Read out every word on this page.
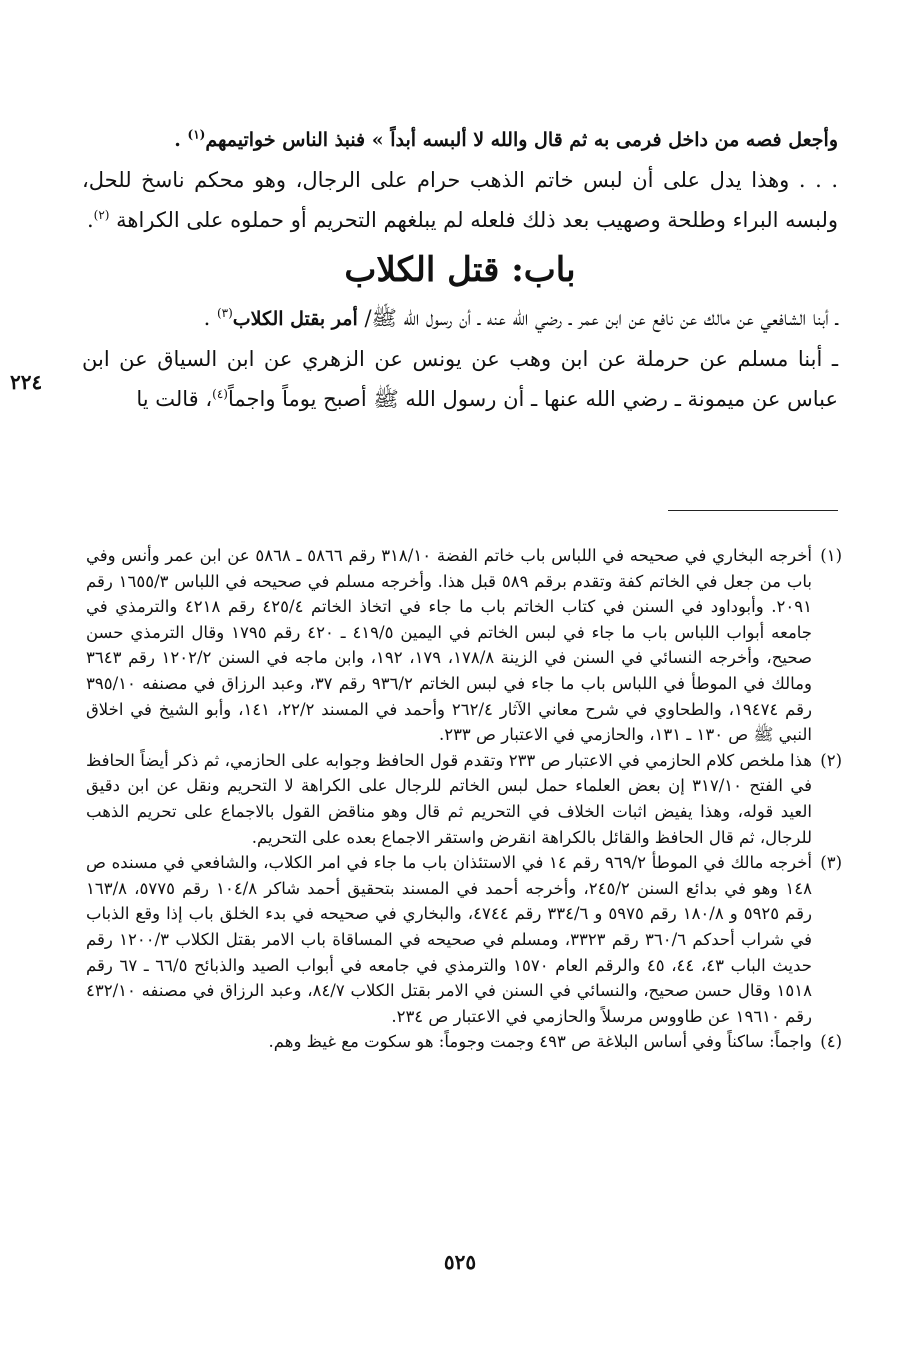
وأجعل فصه من داخل فرمى به ثم قال والله لا ألبسه أبداً » فنبذ الناس خواتيمهم$^{(١)}$ .

. . . وهذا يدل على أن لبس خاتم الذهب حرام على الرجال، وهو محكم ناسخ للحل، ولبسه البراء وطلحة وصهيب بعد ذلك فلعله لم يبلغهم التحريم أو حملوه على الكراهة $^{(٢)}$.

باب: قتل الكلاب

ـ أبنا الشافعي عن مالك عن نافع عن ابن عمر ـ رضي الله عنه ـ أن رسول الله ﷺ/ أمر بقتل الكلاب$^{(٣)}$ .

ـ أبنا مسلم عن حرملة عن ابن وهب عن يونس عن الزهري عن ابن السياق عن ابن عباس عن ميمونة ـ رضي الله عنها ـ أن رسول الله ﷺ أصبح يوماً واجماً$^{(٤)}$، قالت يا

٢٢٤

(١)
أخرجه البخاري في صحيحه في اللباس باب خاتم الفضة ٣١٨/١٠ رقم ٥٨٦٦ ـ ٥٨٦٨ عن ابن عمر وأنس وفي باب من جعل في الخاتم كفة وتقدم برقم ٥٨٩ قبل هذا. وأخرجه مسلم في صحيحه في اللباس ١٦٥٥/٣ رقم ٢٠٩١. وأبوداود في السنن في كتاب الخاتم باب ما جاء في اتخاذ الخاتم ٤٢٥/٤ رقم ٤٢١٨ والترمذي في جامعه أبواب اللباس باب ما جاء في لبس الخاتم في اليمين ٤١٩/٥ ـ ٤٢٠ رقم ١٧٩٥ وقال الترمذي حسن صحيح، وأخرجه النسائي في السنن في الزينة ١٧٨/٨، ١٧٩، ١٩٢، وابن ماجه في السنن ١٢٠٢/٢ رقم ٣٦٤٣ ومالك في الموطأ في اللباس باب ما جاء في لبس الخاتم ٩٣٦/٢ رقم ٣٧، وعبد الرزاق في مصنفه ٣٩٥/١٠ رقم ١٩٤٧٤، والطحاوي في شرح معاني الآثار ٢٦٢/٤ وأحمد في المسند ٢٢/٢، ١٤١، وأبو الشيخ في اخلاق النبي ﷺ ص ١٣٠ ـ ١٣١، والحازمي في الاعتبار ص ٢٣٣.

(٢)
هذا ملخص كلام الحازمي في الاعتبار ص ٢٣٣ وتقدم قول الحافظ وجوابه على الحازمي، ثم ذكر أيضاً الحافظ في الفتح ٣١٧/١٠ إن بعض العلماء حمل لبس الخاتم للرجال على الكراهة لا التحريم ونقل عن ابن دقيق العيد قوله، وهذا يفيض اثبات الخلاف في التحريم ثم قال وهو مناقض القول بالاجماع على تحريم الذهب للرجال، ثم قال الحافظ والقائل بالكراهة انقرض واستقر الاجماع بعده على التحريم.

(٣)
أخرجه مالك في الموطأ ٩٦٩/٢ رقم ١٤ في الاستئذان باب ما جاء في امر الكلاب، والشافعي في مسنده ص ١٤٨ وهو في بدائع السنن ٢٤٥/٢، وأخرجه أحمد في المسند بتحقيق أحمد شاكر ١٠٤/٨ رقم ٥٧٧٥، ١٦٣/٨ رقم ٥٩٢٥ و ١٨٠/٨ رقم ٥٩٧٥ و ٣٣٤/٦ رقم ٤٧٤٤، والبخاري في صحيحه في بدء الخلق باب إذا وقع الذباب في شراب أحدكم ٣٦٠/٦ رقم ٣٣٢٣، ومسلم في صحيحه في المساقاة باب الامر بقتل الكلاب ١٢٠٠/٣ رقم حديث الباب ٤٣، ٤٤، ٤٥ والرقم العام ١٥٧٠ والترمذي في جامعه في أبواب الصيد والذبائح ٦٦/٥ ـ ٦٧ رقم ١٥١٨ وقال حسن صحيح، والنسائي في السنن في الامر بقتل الكلاب ٨٤/٧، وعبد الرزاق في مصنفه ٤٣٢/١٠ رقم ١٩٦١٠ عن طاووس مرسلاً والحازمي في الاعتبار ص ٢٣٤.

(٤)
واجماً: ساكناً وفي أساس البلاغة ص ٤٩٣ وجمت وجوماً: هو سكوت مع غيظ وهم.

٥٢٥
